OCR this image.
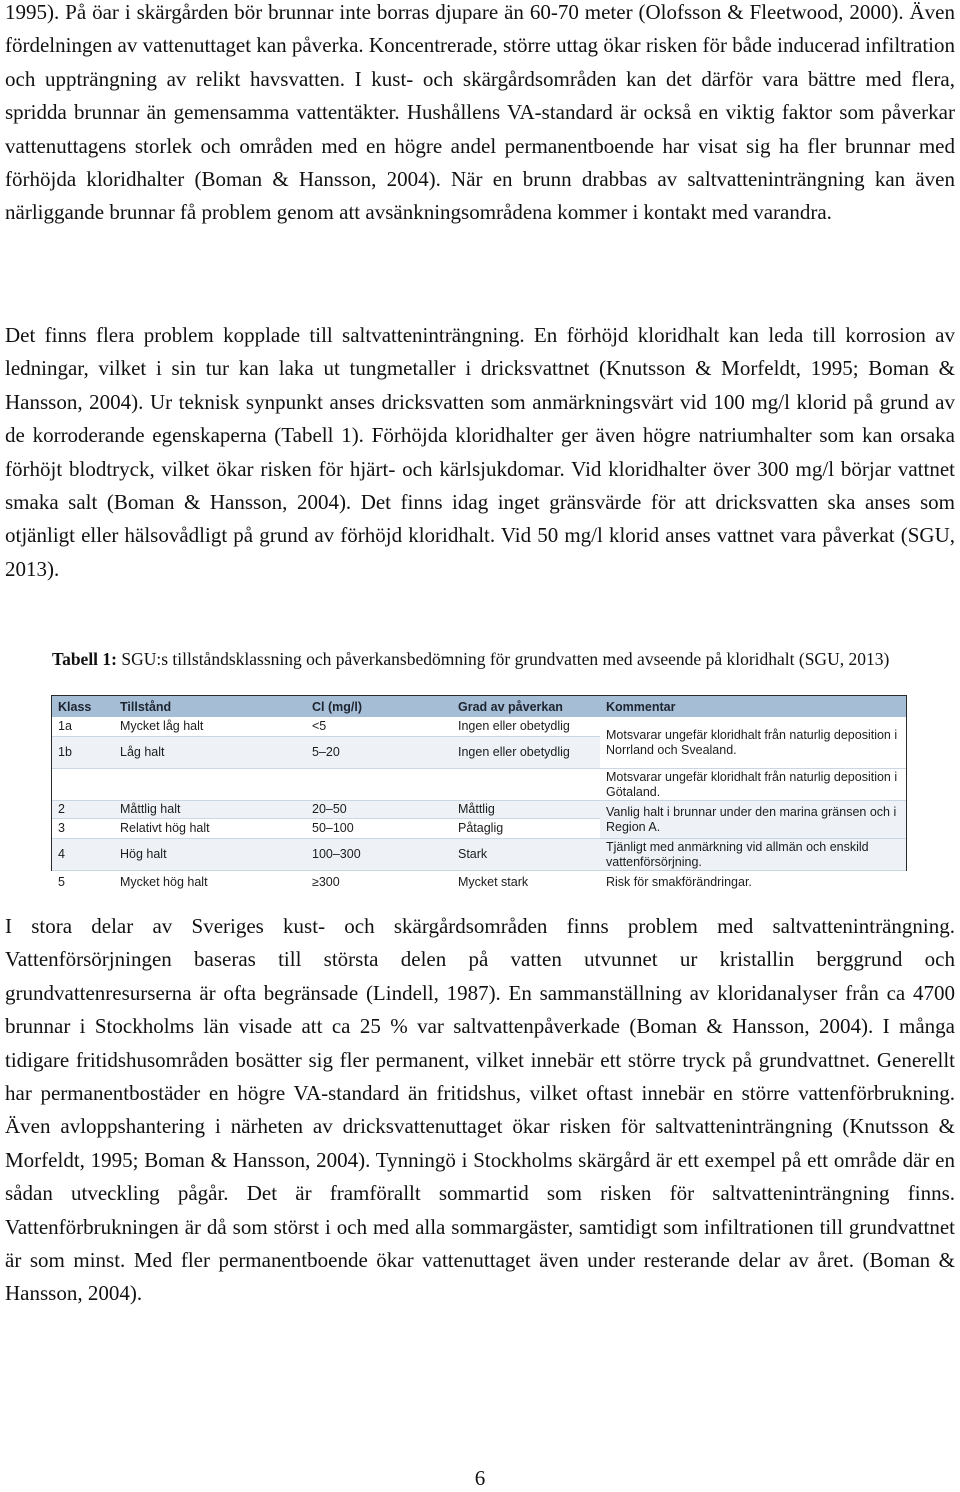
1995). På öar i skärgården bör brunnar inte borras djupare än 60-70 meter (Olofsson & Fleetwood, 2000). Även fördelningen av vattenuttaget kan påverka. Koncentrerade, större uttag ökar risken för både inducerad infiltration och uppträngning av relikt havsvatten. I kust- och skärgårdsområden kan det därför vara bättre med flera, spridda brunnar än gemensamma vattentäkter. Hushållens VA-standard är också en viktig faktor som påverkar vattenuttagens storlek och områden med en högre andel permanentboende har visat sig ha fler brunnar med förhöjda kloridhalter (Boman & Hansson, 2004). När en brunn drabbas av saltvatteninträngning kan även närliggande brunnar få problem genom att avsänkningsområdena kommer i kontakt med varandra.

Det finns flera problem kopplade till saltvatteninträngning. En förhöjd kloridhalt kan leda till korrosion av ledningar, vilket i sin tur kan laka ut tungmetaller i dricksvattnet (Knutsson & Morfeldt, 1995; Boman & Hansson, 2004). Ur teknisk synpunkt anses dricksvatten som anmärkningsvärt vid 100 mg/l klorid på grund av de korroderande egenskaperna (Tabell 1). Förhöjda kloridhalter ger även högre natriumhalter som kan orsaka förhöjt blodtryck, vilket ökar risken för hjärt- och kärlsjukdomar. Vid kloridhalter över 300 mg/l börjar vattnet smaka salt (Boman & Hansson, 2004). Det finns idag inget gränsvärde för att dricksvatten ska anses som otjänligt eller hälsovådligt på grund av förhöjd kloridhalt. Vid 50 mg/l klorid anses vattnet vara påverkat (SGU, 2013).

Tabell 1: SGU:s tillståndsklassning och påverkansbedömning för grundvatten med avseende på kloridhalt (SGU, 2013)

Klass	Tillstånd	Cl (mg/l)	Grad av påverkan	Kommentar
1a	Mycket låg halt	<5	Ingen eller obetydlig	Motsvarar ungefär kloridhalt från naturlig deposition i Norrland och Svealand.
1b	Låg halt	5–20	Ingen eller obetydlig	
				Motsvarar ungefär kloridhalt från naturlig deposition i Götaland.
2	Måttlig halt	20–50	Måttlig	Vanlig halt i brunnar under den marina gränsen och i Region A.
3	Relativt hög halt	50–100	Påtaglig	
4	Hög halt	100–300	Stark	Tjänligt med anmärkning vid allmän och enskild vattenförsörjning.
5	Mycket hög halt	≥300	Mycket stark	Risk för smakförändringar.

I stora delar av Sveriges kust- och skärgårdsområden finns problem med saltvatteninträngning. Vattenförsörjningen baseras till största delen på vatten utvunnet ur kristallin berggrund och grundvattenresurserna är ofta begränsade (Lindell, 1987). En sammanställning av kloridanalyser från ca 4700 brunnar i Stockholms län visade att ca 25 % var saltvattenpåverkade (Boman & Hansson, 2004). I många tidigare fritidshusområden bosätter sig fler permanent, vilket innebär ett större tryck på grundvattnet. Generellt har permanentbostäder en högre VA-standard än fritidshus, vilket oftast innebär en större vattenförbrukning. Även avloppshantering i närheten av dricksvattenuttaget ökar risken för saltvatteninträngning (Knutsson & Morfeldt, 1995; Boman & Hansson, 2004). Tynningö i Stockholms skärgård är ett exempel på ett område där en sådan utveckling pågår. Det är framförallt sommartid som risken för saltvatteninträngning finns. Vattenförbrukningen är då som störst i och med alla sommargäster, samtidigt som infiltrationen till grundvattnet är som minst. Med fler permanentboende ökar vattenuttaget även under resterande delar av året. (Boman & Hansson, 2004).

6
